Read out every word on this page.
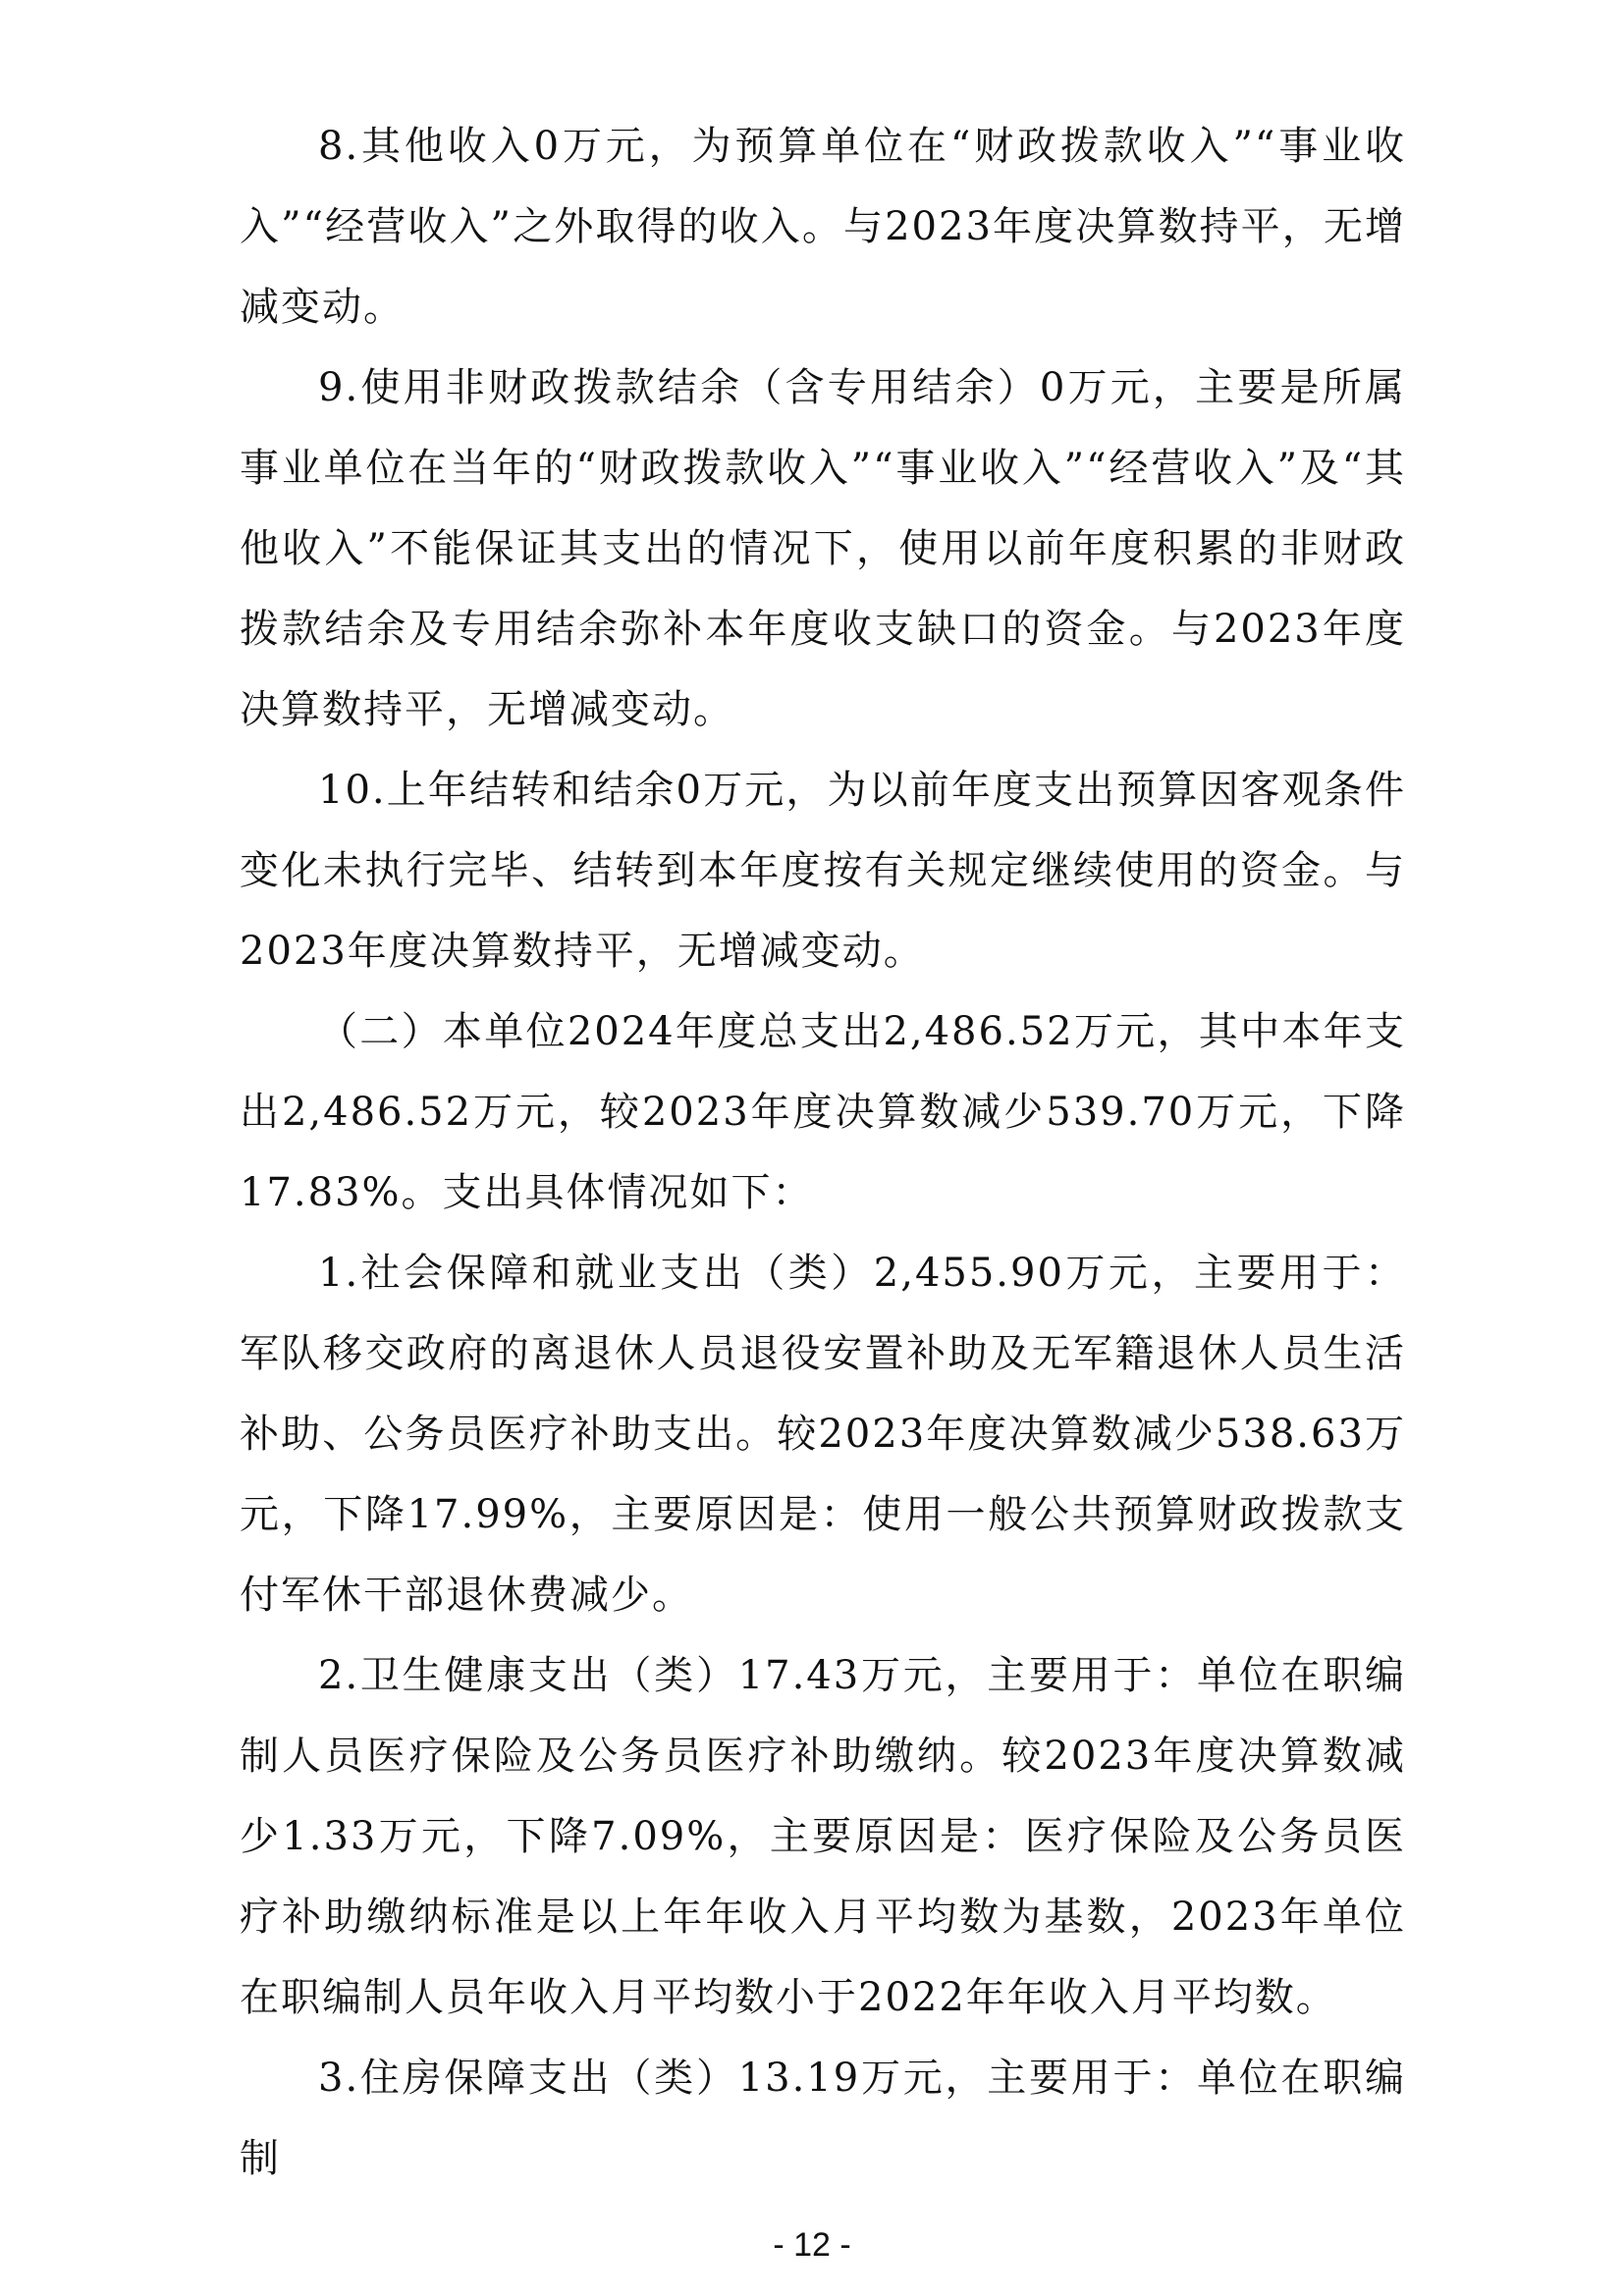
8.其他收入0万元，为预算单位在“财政拨款收入”“事业收入”“经营收入”之外取得的收入。与2023年度决算数持平，无增减变动。

9.使用非财政拨款结余（含专用结余）0万元，主要是所属事业单位在当年的“财政拨款收入”“事业收入”“经营收入”及“其他收入”不能保证其支出的情况下，使用以前年度积累的非财政拨款结余及专用结余弥补本年度收支缺口的资金。与2023年度决算数持平，无增减变动。

10.上年结转和结余0万元，为以前年度支出预算因客观条件变化未执行完毕、结转到本年度按有关规定继续使用的资金。与2023年度决算数持平，无增减变动。

（二）本单位2024年度总支出2,486.52万元，其中本年支出2,486.52万元，较2023年度决算数减少539.70万元，下降17.83%。支出具体情况如下：

1.社会保障和就业支出（类）2,455.90万元，主要用于：军队移交政府的离退休人员退役安置补助及无军籍退休人员生活补助、公务员医疗补助支出。较2023年度决算数减少538.63万元，下降17.99%，主要原因是：使用一般公共预算财政拨款支付军休干部退休费减少。

2.卫生健康支出（类）17.43万元，主要用于：单位在职编制人员医疗保险及公务员医疗补助缴纳。较2023年度决算数减少1.33万元，下降7.09%，主要原因是：医疗保险及公务员医疗补助缴纳标准是以上年年收入月平均数为基数，2023年单位在职编制人员年收入月平均数小于2022年年收入月平均数。

3.住房保障支出（类）13.19万元，主要用于：单位在职编制

- 12 -
